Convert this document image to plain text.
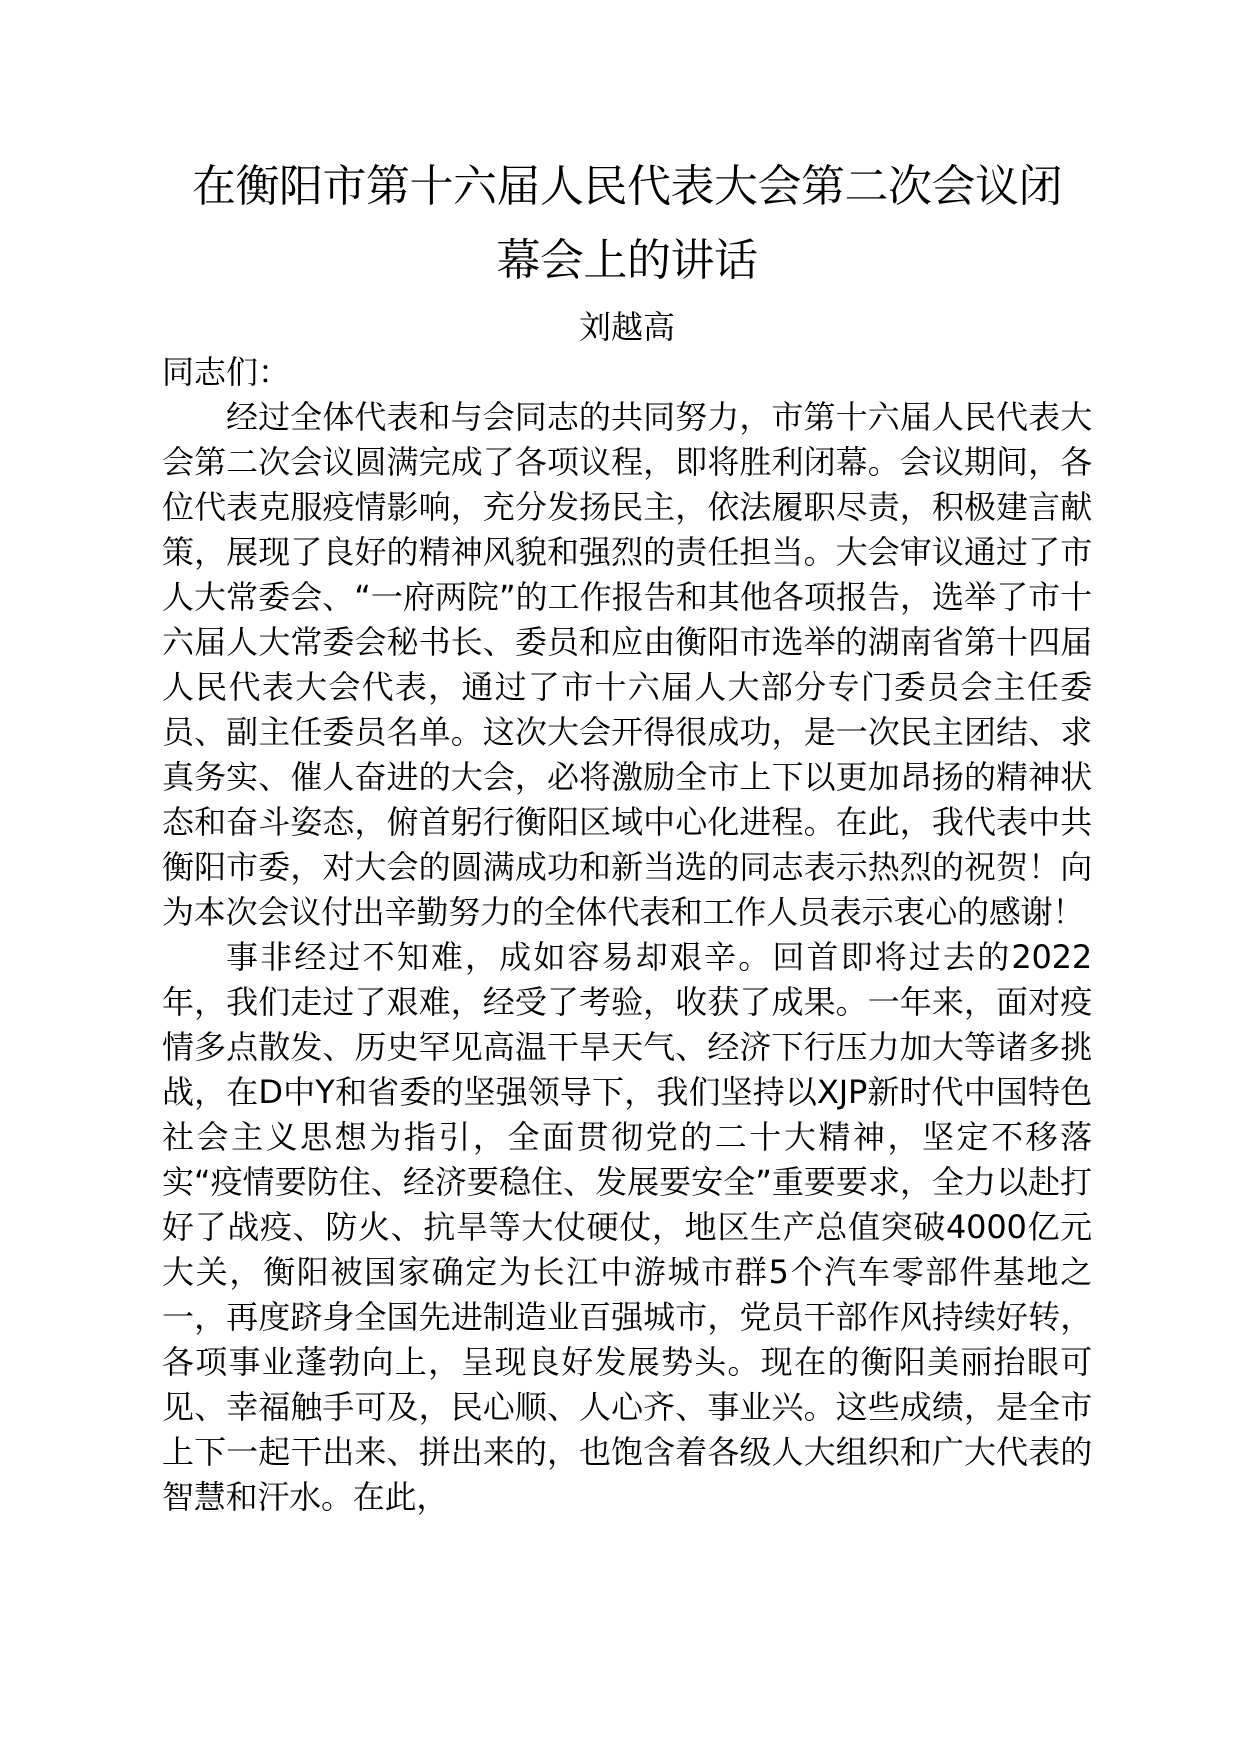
在衡阳市第十六届人民代表大会第二次会议闭
幕会上的讲话

刘越高

同志们：

经过全体代表和与会同志的共同努力，市第十六届人民代表大会第二次会议圆满完成了各项议程，即将胜利闭幕。会议期间，各位代表克服疫情影响，充分发扬民主，依法履职尽责，积极建言献策，展现了良好的精神风貌和强烈的责任担当。大会审议通过了市人大常委会、“一府两院”的工作报告和其他各项报告，选举了市十六届人大常委会秘书长、委员和应由衡阳市选举的湖南省第十四届人民代表大会代表，通过了市十六届人大部分专门委员会主任委员、副主任委员名单。这次大会开得很成功，是一次民主团结、求真务实、催人奋进的大会，必将激励全市上下以更加昂扬的精神状态和奋斗姿态，俯首躬行衡阳区域中心化进程。在此，我代表中共衡阳市委，对大会的圆满成功和新当选的同志表示热烈的祝贺！向为本次会议付出辛勤努力的全体代表和工作人员表示衷心的感谢！

事非经过不知难，成如容易却艰辛。回首即将过去的2022年，我们走过了艰难，经受了考验，收获了成果。一年来，面对疫情多点散发、历史罕见高温干旱天气、经济下行压力加大等诸多挑战，在D中Y和省委的坚强领导下，我们坚持以XJP新时代中国特色社会主义思想为指引，全面贯彻党的二十大精神，坚定不移落实“疫情要防住、经济要稳住、发展要安全”重要要求，全力以赴打好了战疫、防火、抗旱等大仗硬仗，地区生产总值突破4000亿元大关，衡阳被国家确定为长江中游城市群5个汽车零部件基地之一，再度跻身全国先进制造业百强城市，党员干部作风持续好转，各项事业蓬勃向上，呈现良好发展势头。现在的衡阳美丽抬眼可见、幸福触手可及，民心顺、人心齐、事业兴。这些成绩，是全市上下一起干出来、拼出来的，也饱含着各级人大组织和广大代表的智慧和汗水。在此，
